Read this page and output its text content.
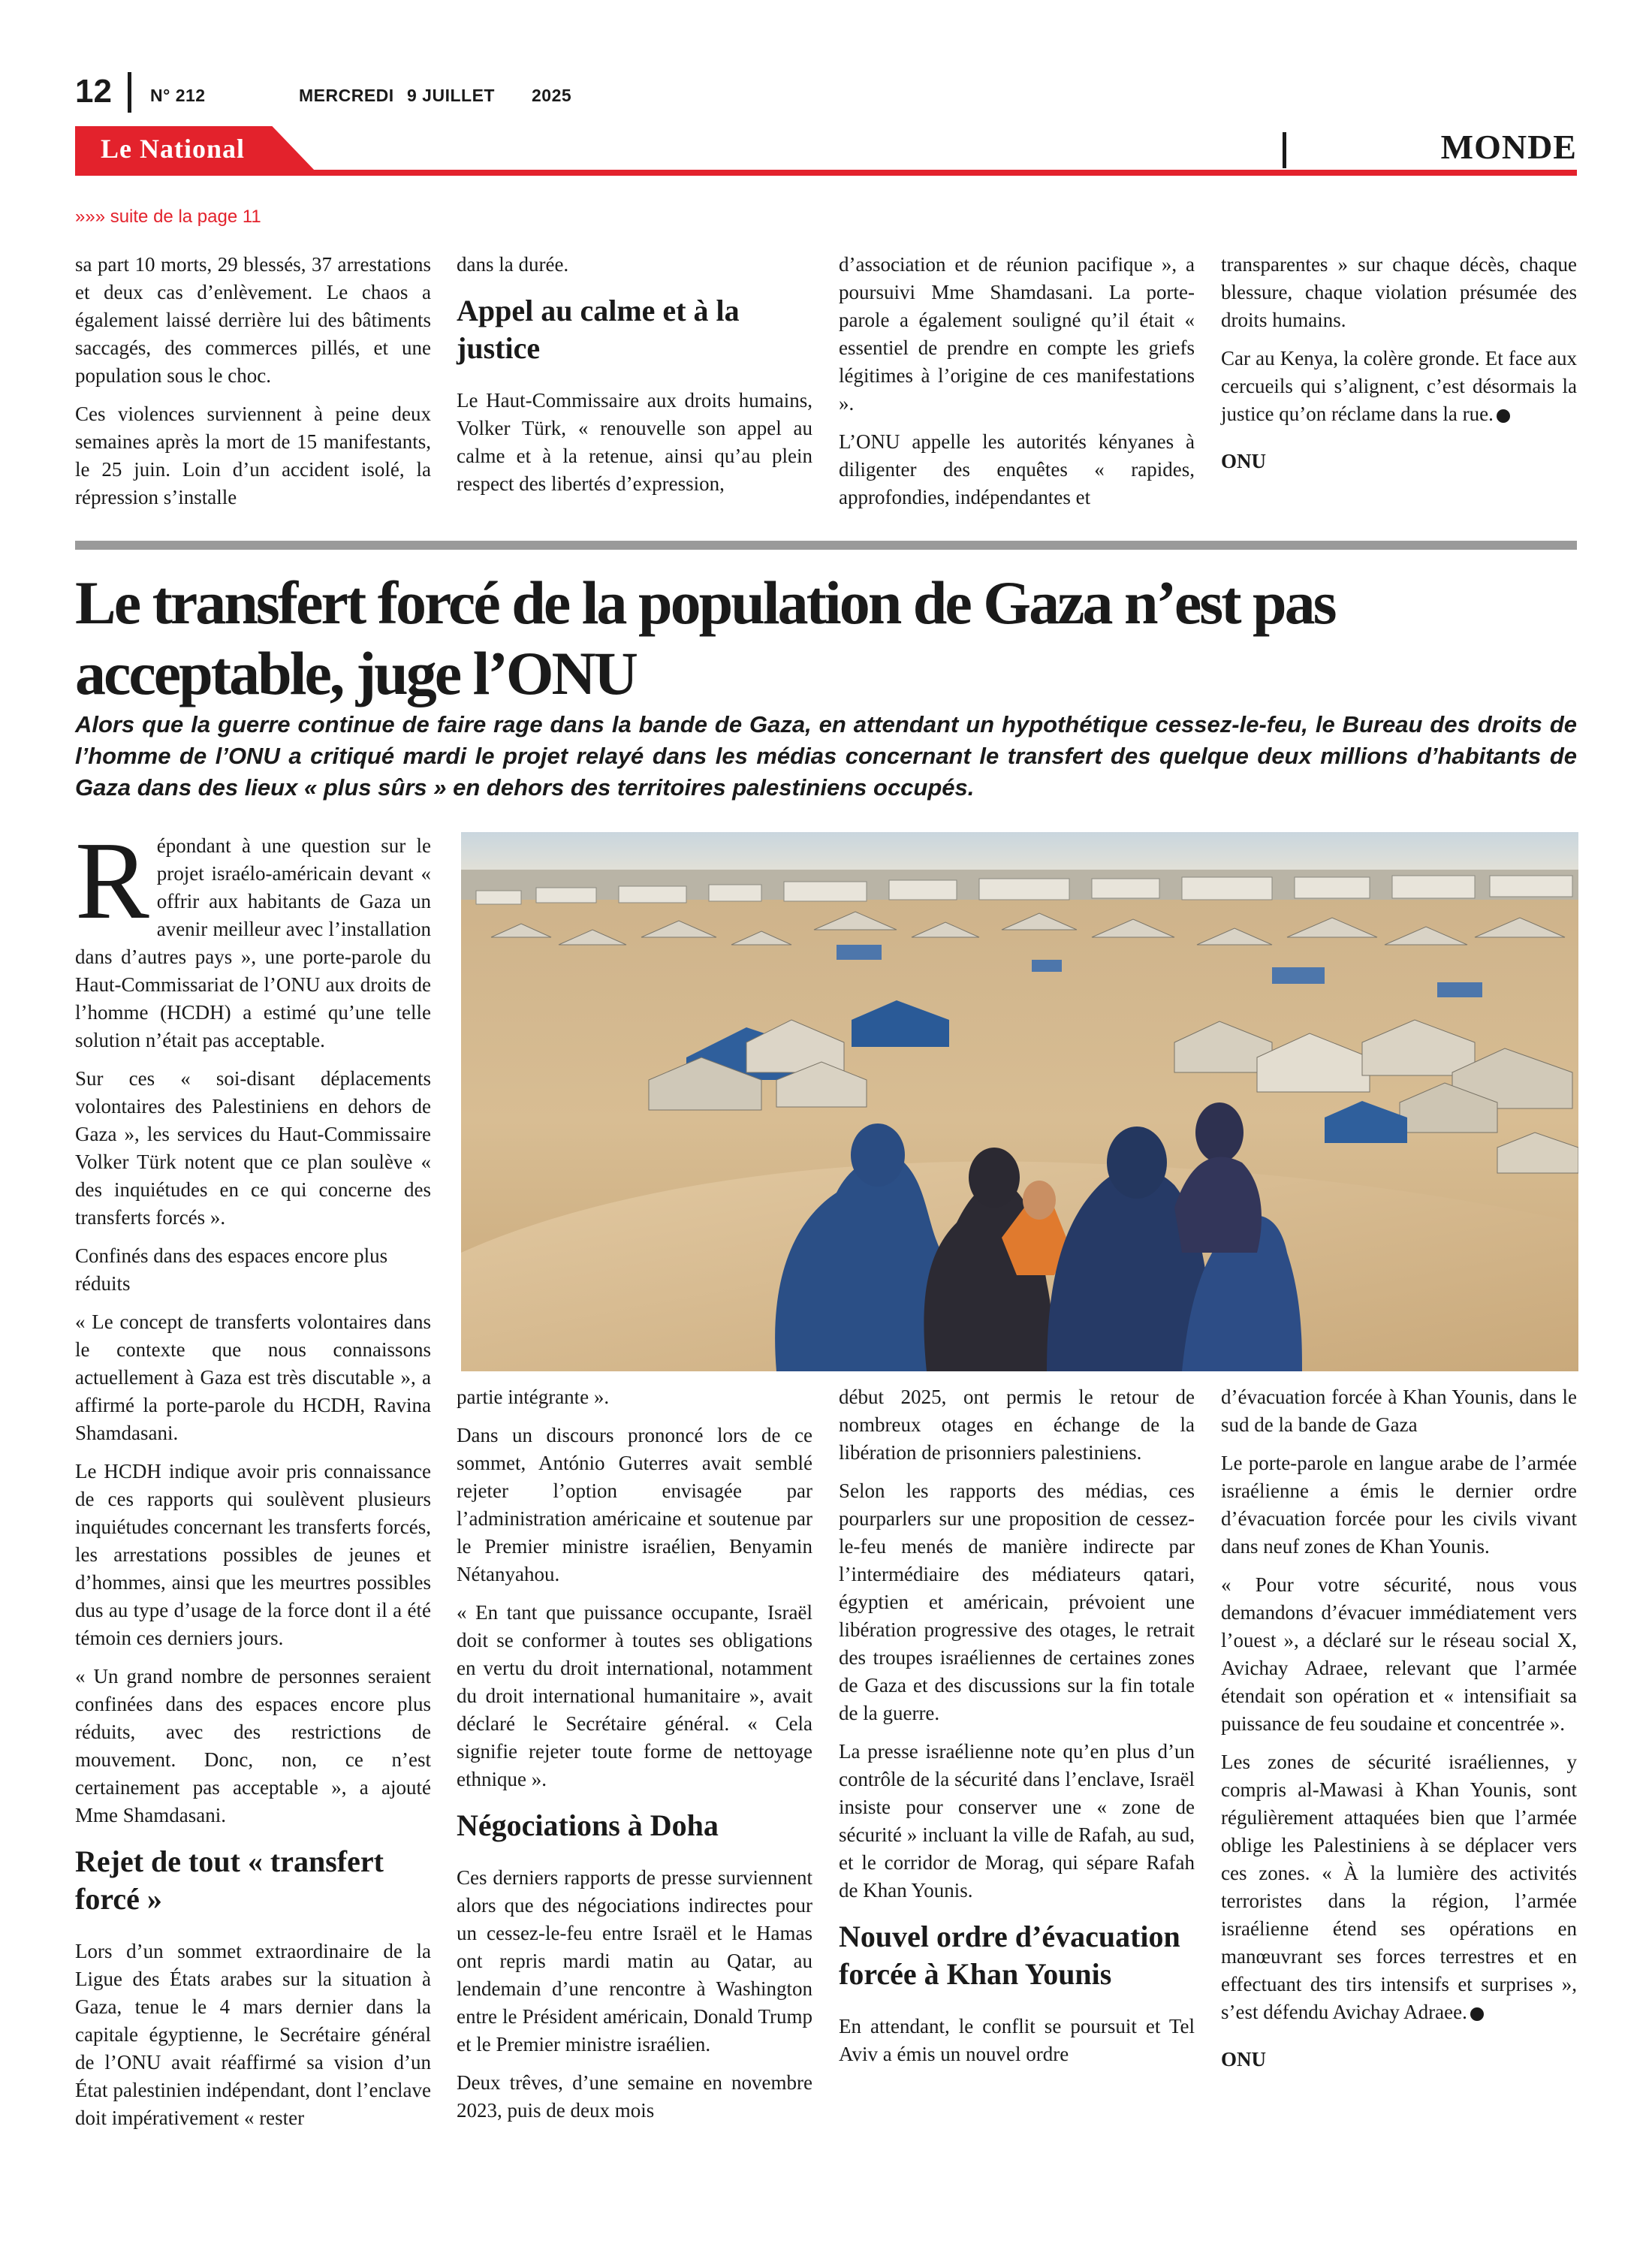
12 N° 212	MERCREDI 9 JUILLET 2025
Le National	MONDE
»»» suite de la page 11

sa part 10 morts, 29 blessés, 37 arrestations et deux cas d’enlèvement. Le chaos a également laissé derrière lui des bâtiments saccagés, des commerces pillés, et une population sous le choc.

Ces violences surviennent à peine deux semaines après la mort de 15 manifestants, le 25 juin. Loin d’un accident isolé, la répression s’installe

dans la durée.

Appel au calme et à la justice

Le Haut-Commissaire aux droits humains, Volker Türk, « renouvelle son appel au calme et à la retenue, ainsi qu’au plein respect des libertés d’expression,

d’association et de réunion pacifique », a poursuivi Mme Shamdasani. La porte-parole a également souligné qu’il était « essentiel de prendre en compte les griefs légitimes à l’origine de ces manifestations ».

L’ONU appelle les autorités kényanes à diligenter des enquêtes « rapides, approfondies, indépendantes et

transparentes » sur chaque décès, chaque blessure, chaque violation présumée des droits humains.

Car au Kenya, la colère gronde. Et face aux cercueils qui s’alignent, c’est désormais la justice qu’on réclame dans la rue.

ONU

Le transfert forcé de la population de Gaza n’est pas acceptable, juge l’ONU
Alors que la guerre continue de faire rage dans la bande de Gaza, en attendant un hypothétique cessez-le-feu, le Bureau des droits de l’homme de l’ONU a critiqué mardi le projet relayé dans les médias concernant le transfert des quelque deux millions d’habitants de Gaza dans des lieux « plus sûrs » en dehors des territoires palestiniens occupés.

Répondant à une question sur le projet israélo-américain devant « offrir aux habitants de Gaza un avenir meilleur avec l’installation dans d’autres pays », une porte-parole du Haut-Commissariat de l’ONU aux droits de l’homme (HCDH) a estimé qu’une telle solution n’était pas acceptable.

Sur ces « soi-disant déplacements volontaires des Palestiniens en dehors de Gaza », les services du Haut-Commissaire Volker Türk notent que ce plan soulève « des inquiétudes en ce qui concerne des transferts forcés ».

Confinés dans des espaces encore plus réduits

« Le concept de transferts volontaires dans le contexte que nous connaissons actuellement à Gaza est très discutable », a affirmé la porte-parole du HCDH, Ravina Shamdasani.

Le HCDH indique avoir pris connaissance de ces rapports qui soulèvent plusieurs inquiétudes concernant les transferts forcés, les arrestations possibles de jeunes et d’hommes, ainsi que les meurtres possibles dus au type d’usage de la force dont il a été témoin ces derniers jours.

« Un grand nombre de personnes seraient confinées dans des espaces encore plus réduits, avec des restrictions de mouvement. Donc, non, ce n’est certainement pas acceptable », a ajouté Mme Shamdasani.

Rejet de tout « transfert forcé »

Lors d’un sommet extraordinaire de la Ligue des États arabes sur la situation à Gaza, tenue le 4 mars dernier dans la capitale égyptienne, le Secrétaire général de l’ONU avait réaffirmé sa vision d’un État palestinien indépendant, dont l’enclave doit impérativement « rester

partie intégrante ».

Dans un discours prononcé lors de ce sommet, António Guterres avait semblé rejeter l’option envisagée par l’administration américaine et soutenue par le Premier ministre israélien, Benyamin Nétanyahou.

« En tant que puissance occupante, Israël doit se conformer à toutes ses obligations en vertu du droit international, notamment du droit international humanitaire », avait déclaré le Secrétaire général. « Cela signifie rejeter toute forme de nettoyage ethnique ».

Négociations à Doha

Ces derniers rapports de presse surviennent alors que des négociations indirectes pour un cessez-le-feu entre Israël et le Hamas ont repris mardi matin au Qatar, au lendemain d’une rencontre à Washington entre le Président américain, Donald Trump et le Premier ministre israélien.

Deux trêves, d’une semaine en novembre 2023, puis de deux mois

début 2025, ont permis le retour de nombreux otages en échange de la libération de prisonniers palestiniens.

Selon les rapports des médias, ces pourparlers sur une proposition de cessez-le-feu menés de manière indirecte par l’intermédiaire des médiateurs qatari, égyptien et américain, prévoient une libération progressive des otages, le retrait des troupes israéliennes de certaines zones de Gaza et des discussions sur la fin totale de la guerre.

La presse israélienne note qu’en plus d’un contrôle de la sécurité dans l’enclave, Israël insiste pour conserver une « zone de sécurité » incluant la ville de Rafah, au sud, et le corridor de Morag, qui sépare Rafah de Khan Younis.

Nouvel ordre d’évacuation forcée à Khan Younis

En attendant, le conflit se poursuit et Tel Aviv a émis un nouvel ordre

d’évacuation forcée à Khan Younis, dans le sud de la bande de Gaza

Le porte-parole en langue arabe de l’armée israélienne a émis le dernier ordre d’évacuation forcée pour les civils vivant dans neuf zones de Khan Younis.

« Pour votre sécurité, nous vous demandons d’évacuer immédiatement vers l’ouest », a déclaré sur le réseau social X, Avichay Adraee, relevant que l’armée étendait son opération et « intensifiait sa puissance de feu soudaine et concentrée ».

Les zones de sécurité israéliennes, y compris al-Mawasi à Khan Younis, sont régulièrement attaquées bien que l’armée oblige les Palestiniens à se déplacer vers ces zones. « À la lumière des activités terroristes dans la région, l’armée israélienne étend ses opérations en manœuvrant ses forces terrestres et en effectuant des tirs intensifs et surprises », s’est défendu Avichay Adraee.

ONU
